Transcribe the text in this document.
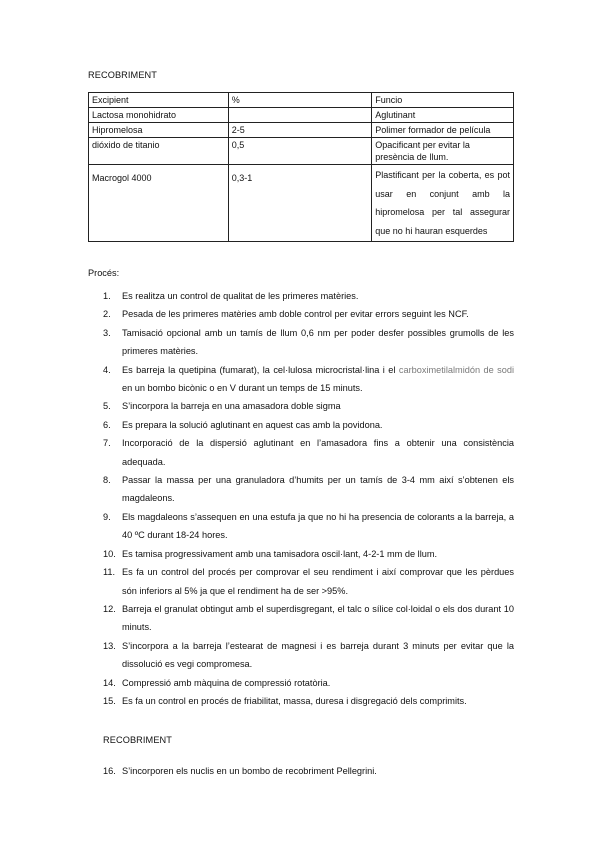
RECOBRIMENT
Excipient	%	Funcio
Lactosa monohidrato		Aglutinant
Hipromelosa	2-5	Polimer formador de película
dióxido de titanio	0,5	Opacificant per evitar la presència de llum.
Macrogol 4000	0,3-1	Plastificant per la coberta, es pot usar en conjunt amb la hipromelosa per tal assegurar que no hi hauran esquerdes
Procés:
1. Es realitza un control de qualitat de les primeres matèries.
2. Pesada de les primeres matèries amb doble control per evitar errors seguint les NCF.
3. Tamisació opcional amb un tamís de llum 0,6 nm per poder desfer possibles grumolls de les primeres matèries.
4. Es barreja la quetipina (fumarat), la cel·lulosa microcristal·lina i el carboximetilalmidón de sodi en un bombo bicònic o en V durant un temps de 15 minuts.
5. S’incorpora la barreja en una amasadora doble sigma
6. Es prepara la solució aglutinant en aquest cas amb la povidona.
7. Incorporació de la dispersió aglutinant en l’amasadora fins a obtenir una consistència adequada.
8. Passar la massa per una granuladora d’humits per un tamís de 3-4 mm així s’obtenen els magdaleons.
9. Els magdaleons s’assequen en una estufa ja que no hi ha presencia de colorants a la barreja, a 40 ºC durant 18-24 hores.
10. Es tamisa progressivament amb una tamisadora oscil·lant, 4-2-1 mm de llum.
11. Es fa un control del procés per comprovar el seu rendiment i així comprovar que les pèrdues són inferiors al 5% ja que el rendiment ha de ser >95%.
12. Barreja el granulat obtingut amb el superdisgregant, el talc o sílice col·loidal o els dos durant 10 minuts.
13. S’incorpora a la barreja l’estearat de magnesi i es barreja durant 3 minuts per evitar que la dissolució es vegi compromesa.
14. Compressió amb màquina de compressió rotatòria.
15. Es fa un control en procés de friabilitat, massa, duresa i disgregació dels comprimits.
RECOBRIMENT
16. S’incorporen els nuclis en un bombo de recobriment Pellegrini.
